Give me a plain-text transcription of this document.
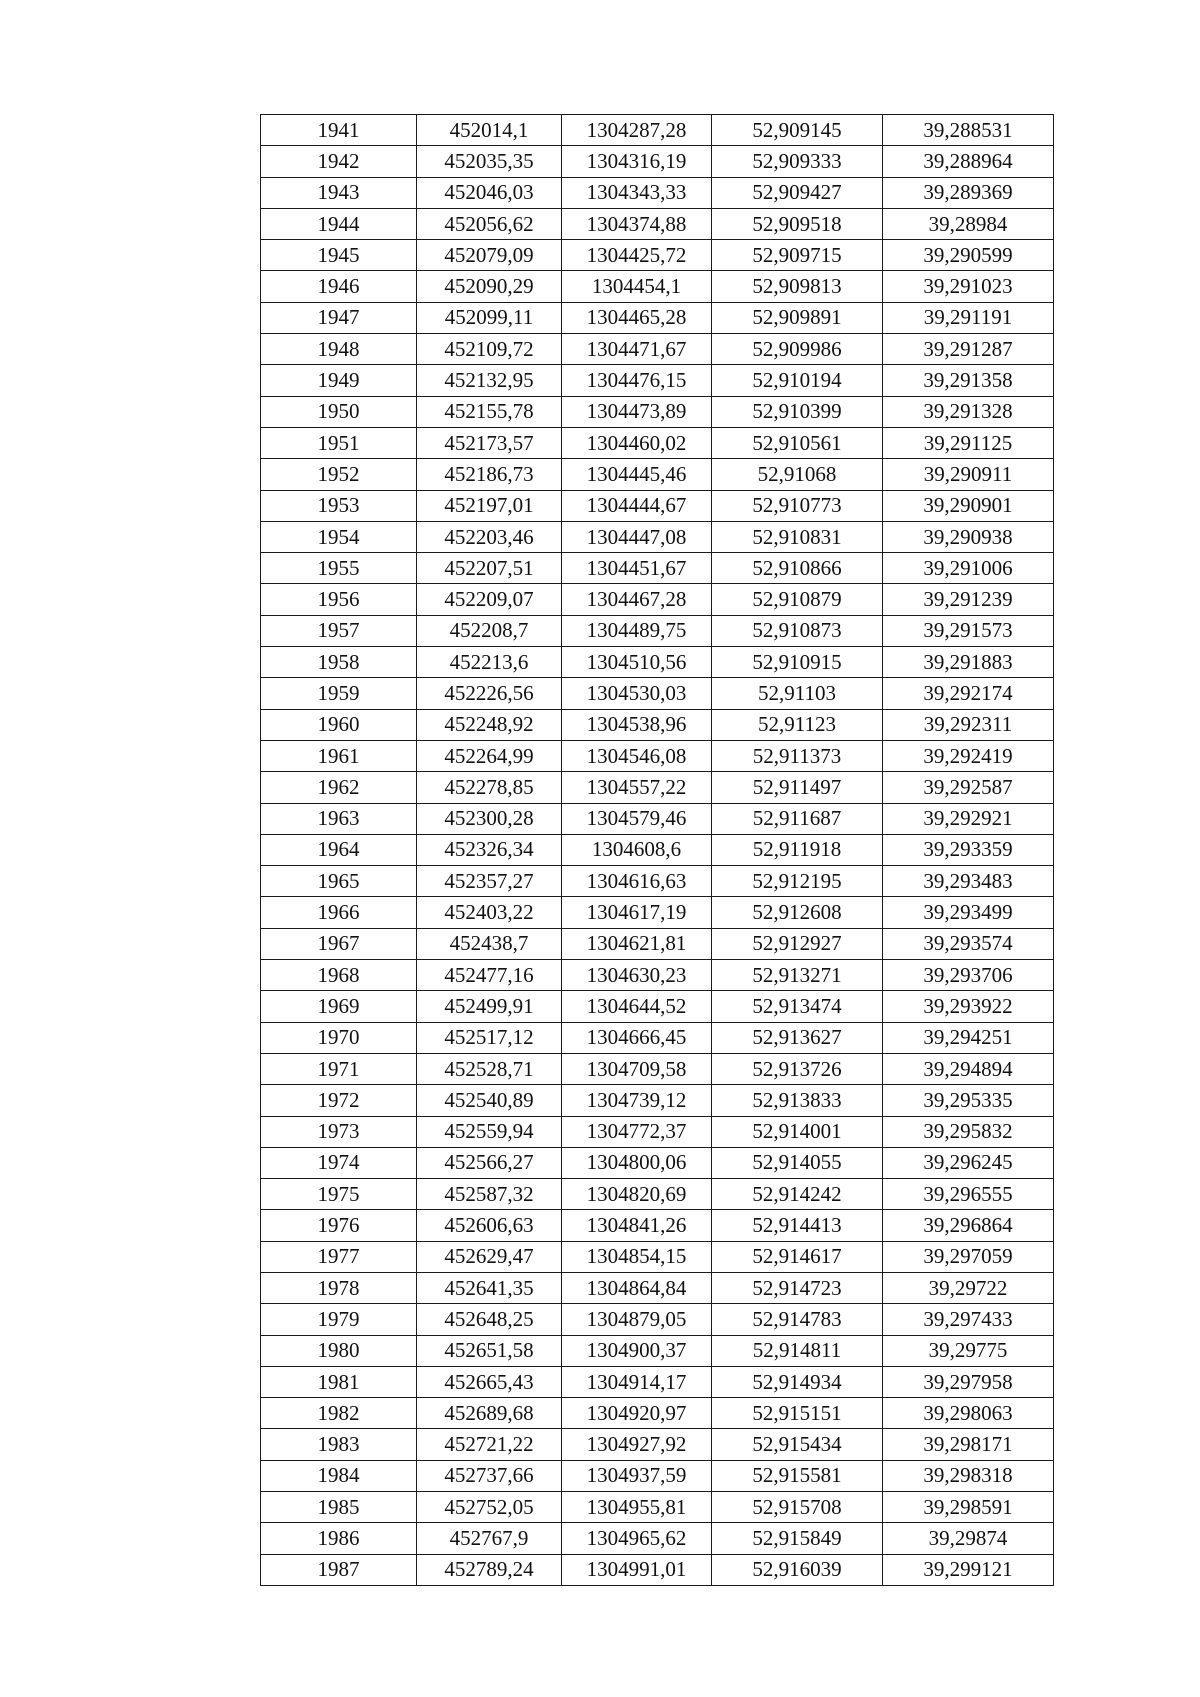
1941	452014,1	1304287,28	52,909145	39,288531
1942	452035,35	1304316,19	52,909333	39,288964
1943	452046,03	1304343,33	52,909427	39,289369
1944	452056,62	1304374,88	52,909518	39,28984
1945	452079,09	1304425,72	52,909715	39,290599
1946	452090,29	1304454,1	52,909813	39,291023
1947	452099,11	1304465,28	52,909891	39,291191
1948	452109,72	1304471,67	52,909986	39,291287
1949	452132,95	1304476,15	52,910194	39,291358
1950	452155,78	1304473,89	52,910399	39,291328
1951	452173,57	1304460,02	52,910561	39,291125
1952	452186,73	1304445,46	52,91068	39,290911
1953	452197,01	1304444,67	52,910773	39,290901
1954	452203,46	1304447,08	52,910831	39,290938
1955	452207,51	1304451,67	52,910866	39,291006
1956	452209,07	1304467,28	52,910879	39,291239
1957	452208,7	1304489,75	52,910873	39,291573
1958	452213,6	1304510,56	52,910915	39,291883
1959	452226,56	1304530,03	52,91103	39,292174
1960	452248,92	1304538,96	52,91123	39,292311
1961	452264,99	1304546,08	52,911373	39,292419
1962	452278,85	1304557,22	52,911497	39,292587
1963	452300,28	1304579,46	52,911687	39,292921
1964	452326,34	1304608,6	52,911918	39,293359
1965	452357,27	1304616,63	52,912195	39,293483
1966	452403,22	1304617,19	52,912608	39,293499
1967	452438,7	1304621,81	52,912927	39,293574
1968	452477,16	1304630,23	52,913271	39,293706
1969	452499,91	1304644,52	52,913474	39,293922
1970	452517,12	1304666,45	52,913627	39,294251
1971	452528,71	1304709,58	52,913726	39,294894
1972	452540,89	1304739,12	52,913833	39,295335
1973	452559,94	1304772,37	52,914001	39,295832
1974	452566,27	1304800,06	52,914055	39,296245
1975	452587,32	1304820,69	52,914242	39,296555
1976	452606,63	1304841,26	52,914413	39,296864
1977	452629,47	1304854,15	52,914617	39,297059
1978	452641,35	1304864,84	52,914723	39,29722
1979	452648,25	1304879,05	52,914783	39,297433
1980	452651,58	1304900,37	52,914811	39,29775
1981	452665,43	1304914,17	52,914934	39,297958
1982	452689,68	1304920,97	52,915151	39,298063
1983	452721,22	1304927,92	52,915434	39,298171
1984	452737,66	1304937,59	52,915581	39,298318
1985	452752,05	1304955,81	52,915708	39,298591
1986	452767,9	1304965,62	52,915849	39,29874
1987	452789,24	1304991,01	52,916039	39,299121
